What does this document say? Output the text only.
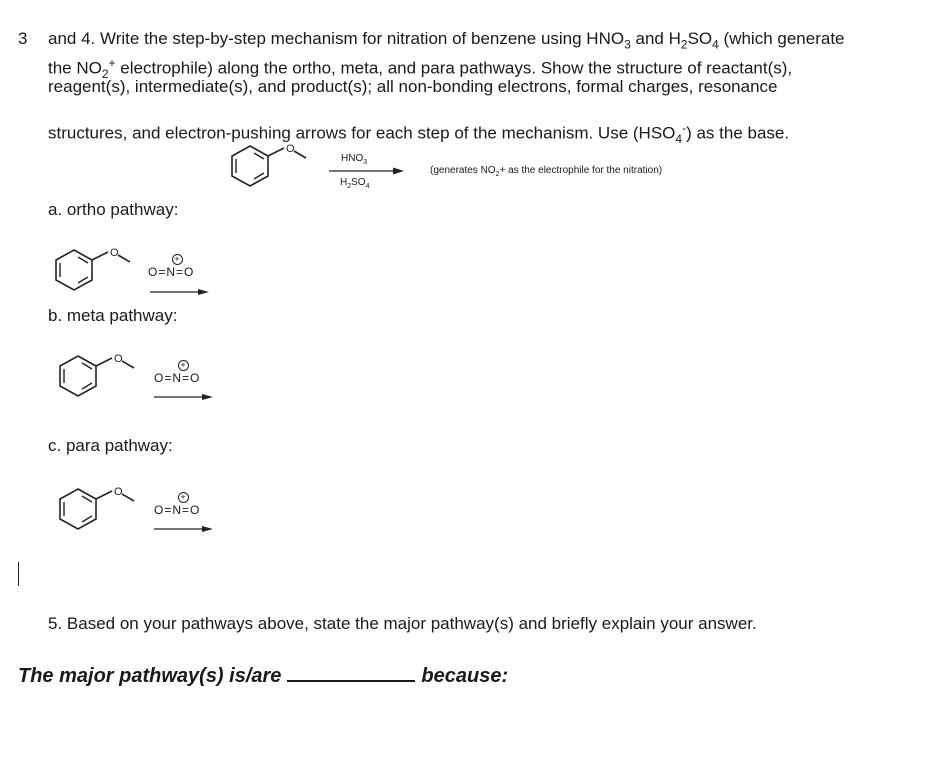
3 and 4. Write the step-by-step mechanism for nitration of benzene using $HNO_3$ and $H_2SO_4$ (which generate
the $NO_2^+$ electrophile) along the ortho, meta, and para pathways. Show the structure of reactant(s),
reagent(s), intermediate(s), and product(s); all non-bonding electrons, formal charges, resonance
structures, and electron-pushing arrows for each step of the mechanism. Use $(HSO_4^-)$ as the base.
O
$HNO_3$
$H_2SO_4$
(generates $NO_2+$ as the electrophile for the nitration)
a. ortho pathway:
O	+
O=N=O
b. meta pathway:
O	+
O=N=O
c. para pathway:
O	+
O=N=O
5. Based on your pathways above, state the major pathway(s) and briefly explain your answer.
The major pathway(s) is/are	because:
